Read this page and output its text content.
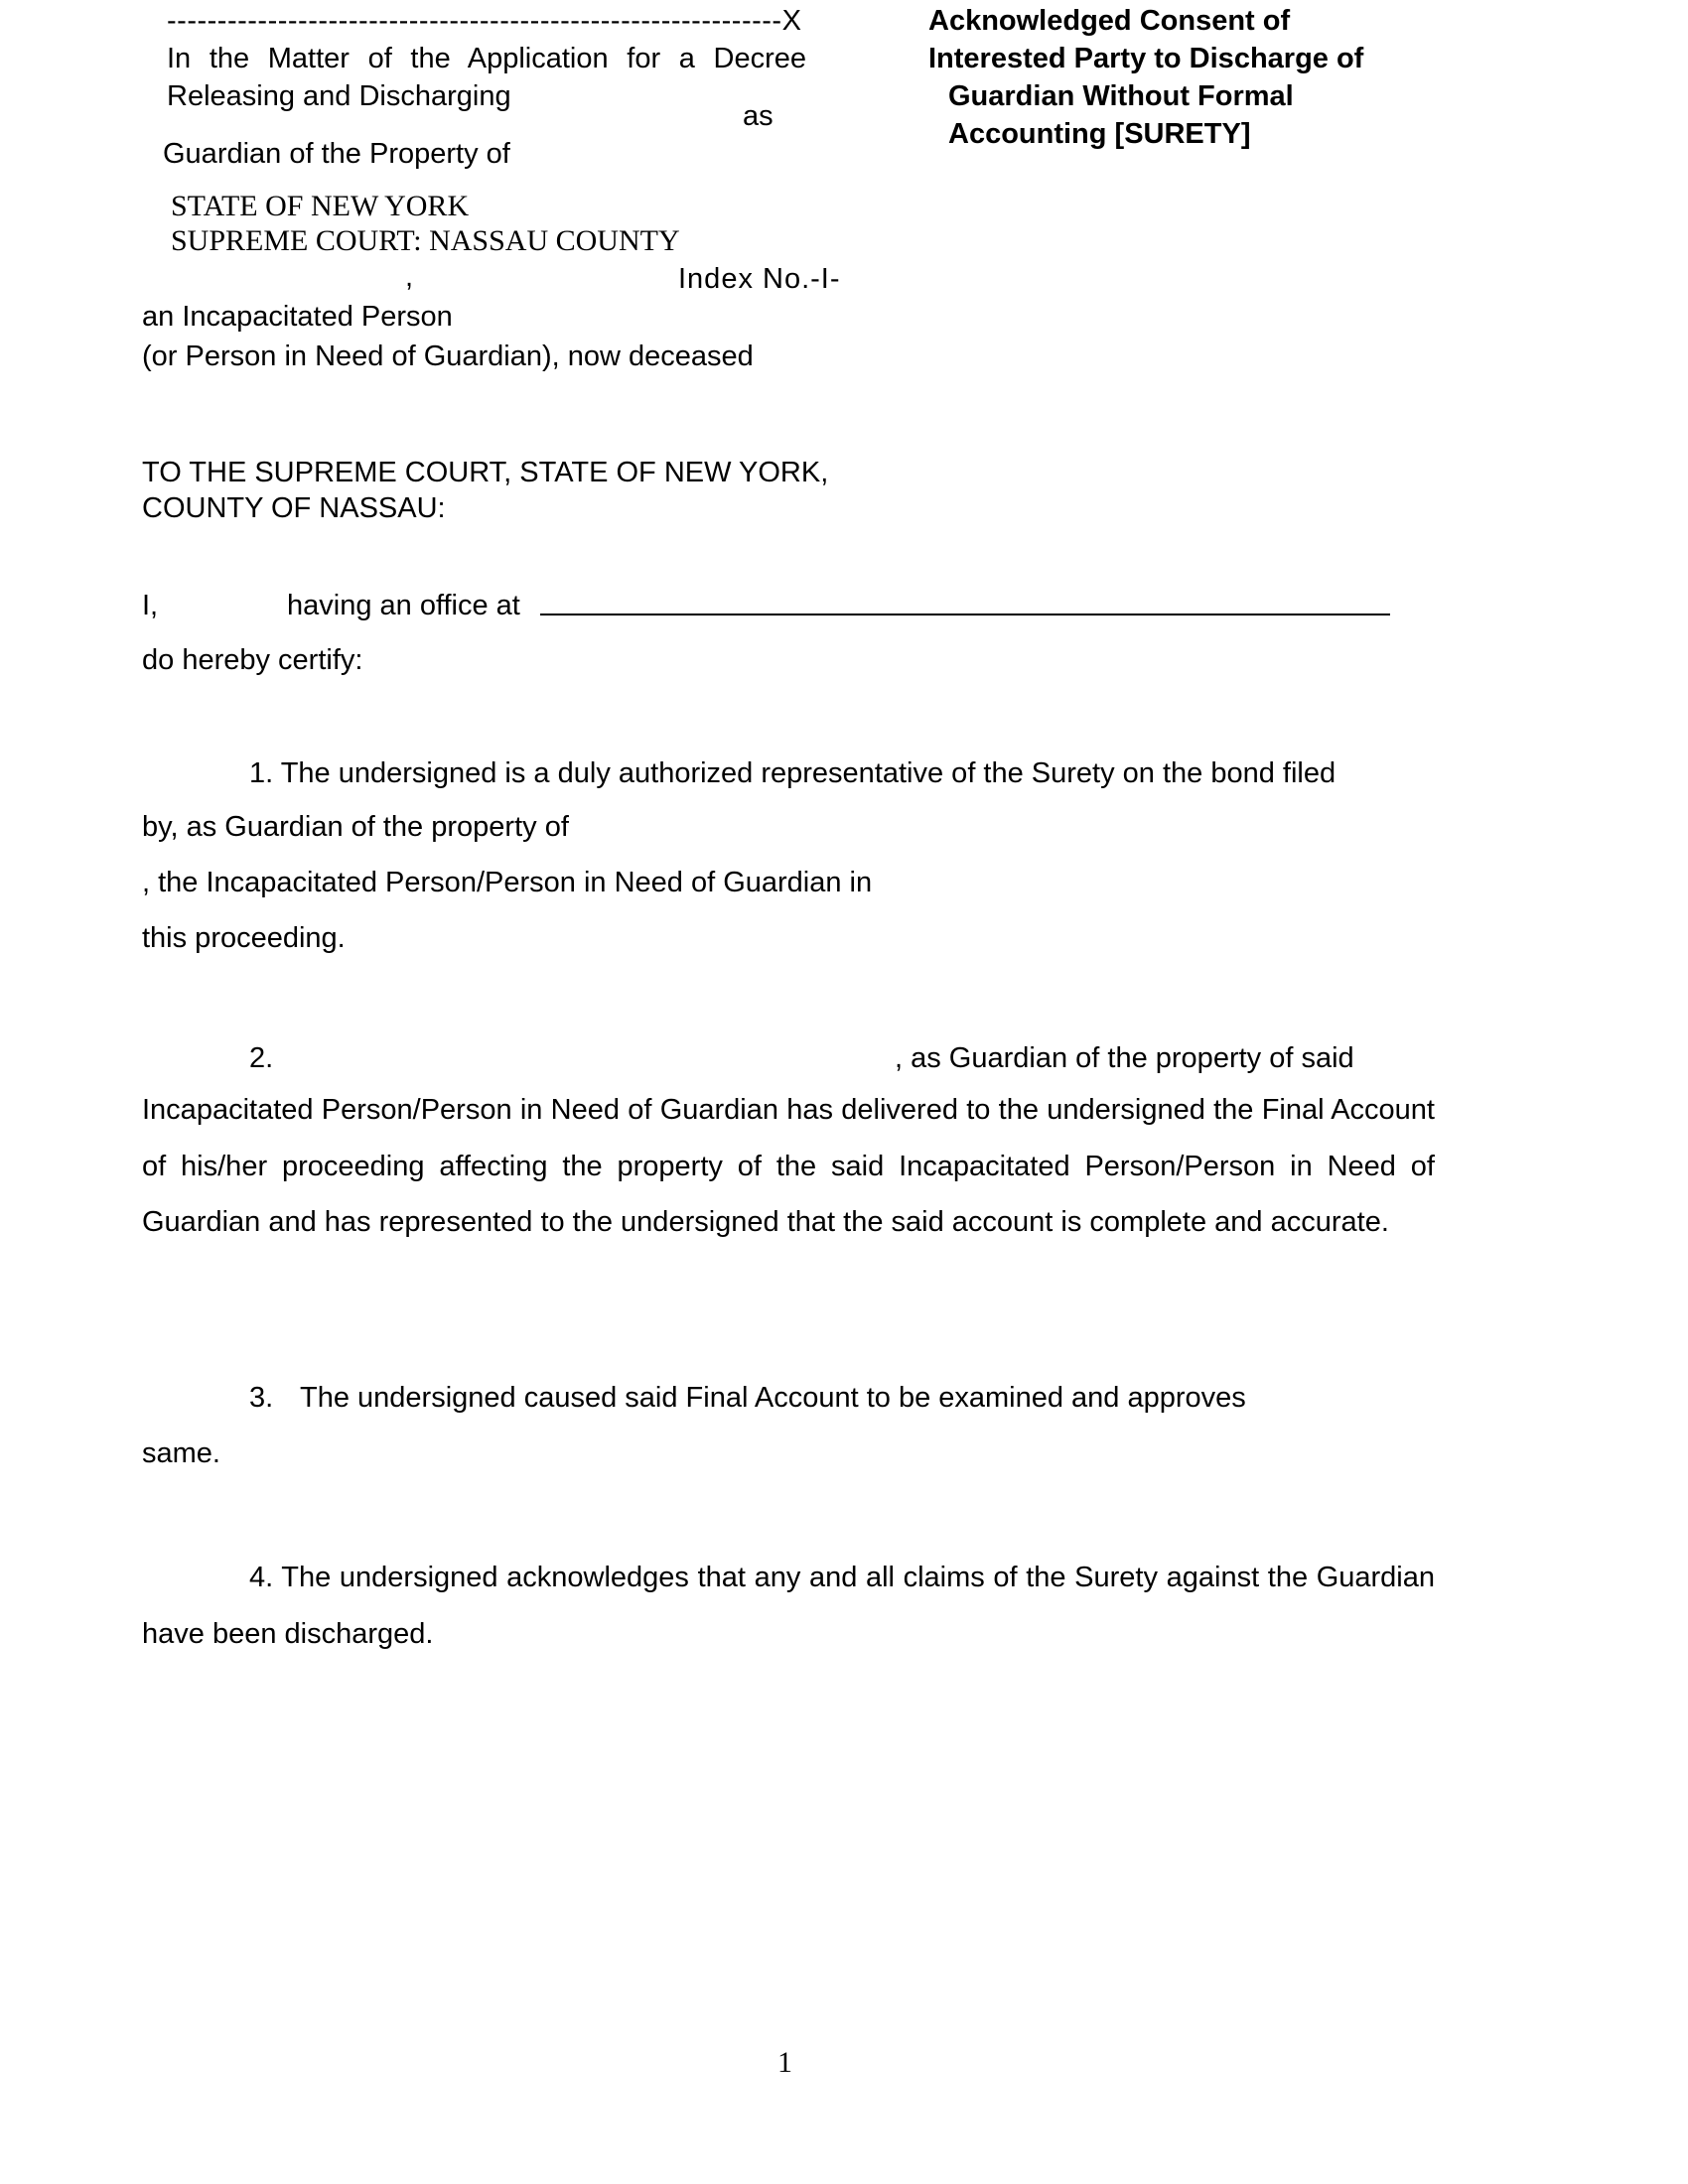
-------------------------------------------------------------X
In the Matter of the Application for a Decree
Releasing and Discharging
as
Guardian of the Property of
STATE OF NEW YORK
SUPREME COURT: NASSAU COUNTY
,	Index No.-I-
an Incapacitated Person
(or Person in Need of Guardian), now deceased
Acknowledged Consent of
Interested Party to Discharge of
Guardian Without Formal
Accounting [SURETY]
TO THE SUPREME COURT, STATE OF NEW YORK,
COUNTY OF NASSAU:
I,	having an office at
do hereby certify:
1. The undersigned is a duly authorized representative of the Surety on the bond filed
by, as Guardian of the property of
, the Incapacitated Person/Person in Need of Guardian in
this proceeding.
2.	, as Guardian of the property of said
Incapacitated Person/Person in Need of Guardian has delivered to the undersigned the Final Account of his/her proceeding affecting the property of the said Incapacitated Person/Person in Need of Guardian and has represented to the undersigned that the said account is complete and accurate.
3. The undersigned caused said Final Account to be examined and approves
same.
4. The undersigned acknowledges that any and all claims of the Surety against the Guardian have been discharged.
1
